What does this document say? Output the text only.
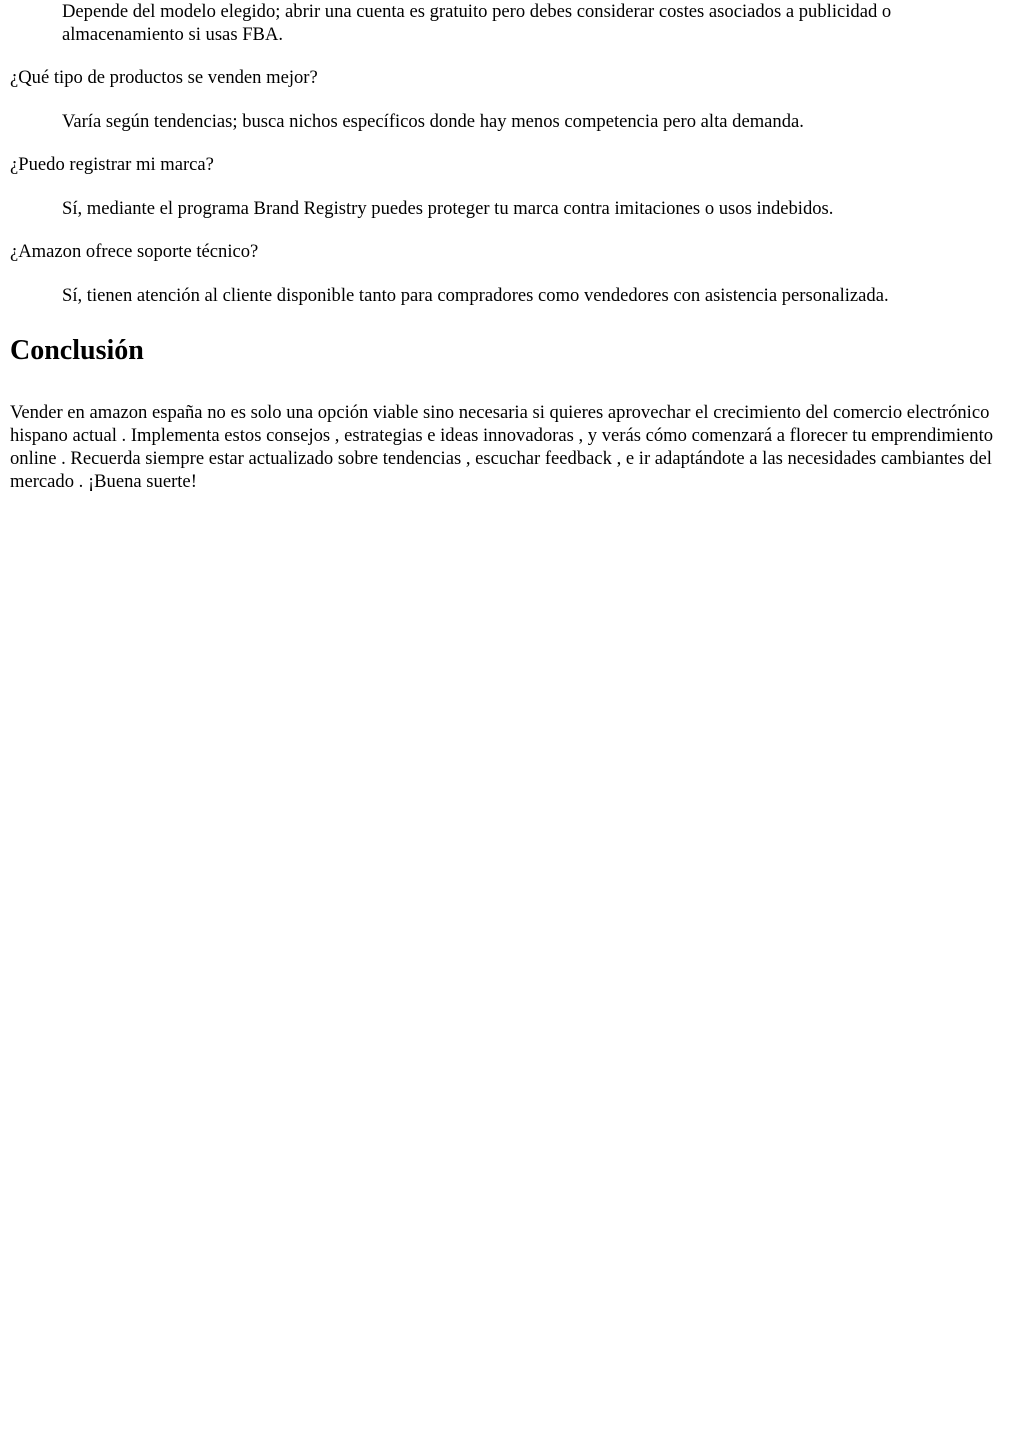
Depende del modelo elegido; abrir una cuenta es gratuito pero debes considerar costes asociados a publicidad o almacenamiento si usas FBA.
¿Qué tipo de productos se venden mejor?
Varía según tendencias; busca nichos específicos donde hay menos competencia pero alta demanda.
¿Puedo registrar mi marca?
Sí, mediante el programa Brand Registry puedes proteger tu marca contra imitaciones o usos indebidos.
¿Amazon ofrece soporte técnico?
Sí, tienen atención al cliente disponible tanto para compradores como vendedores con asistencia personalizada.
Conclusión

Vender en amazon españa no es solo una opción viable sino necesaria si quieres aprovechar el crecimiento del comercio electrónico hispano actual . Implementa estos consejos , estrategias e ideas innovadoras , y verás cómo comenzará a florecer tu emprendimiento online . Recuerda siempre estar actualizado sobre tendencias , escuchar feedback , e ir adaptándote a las necesidades cambiantes del mercado . ¡Buena suerte!
